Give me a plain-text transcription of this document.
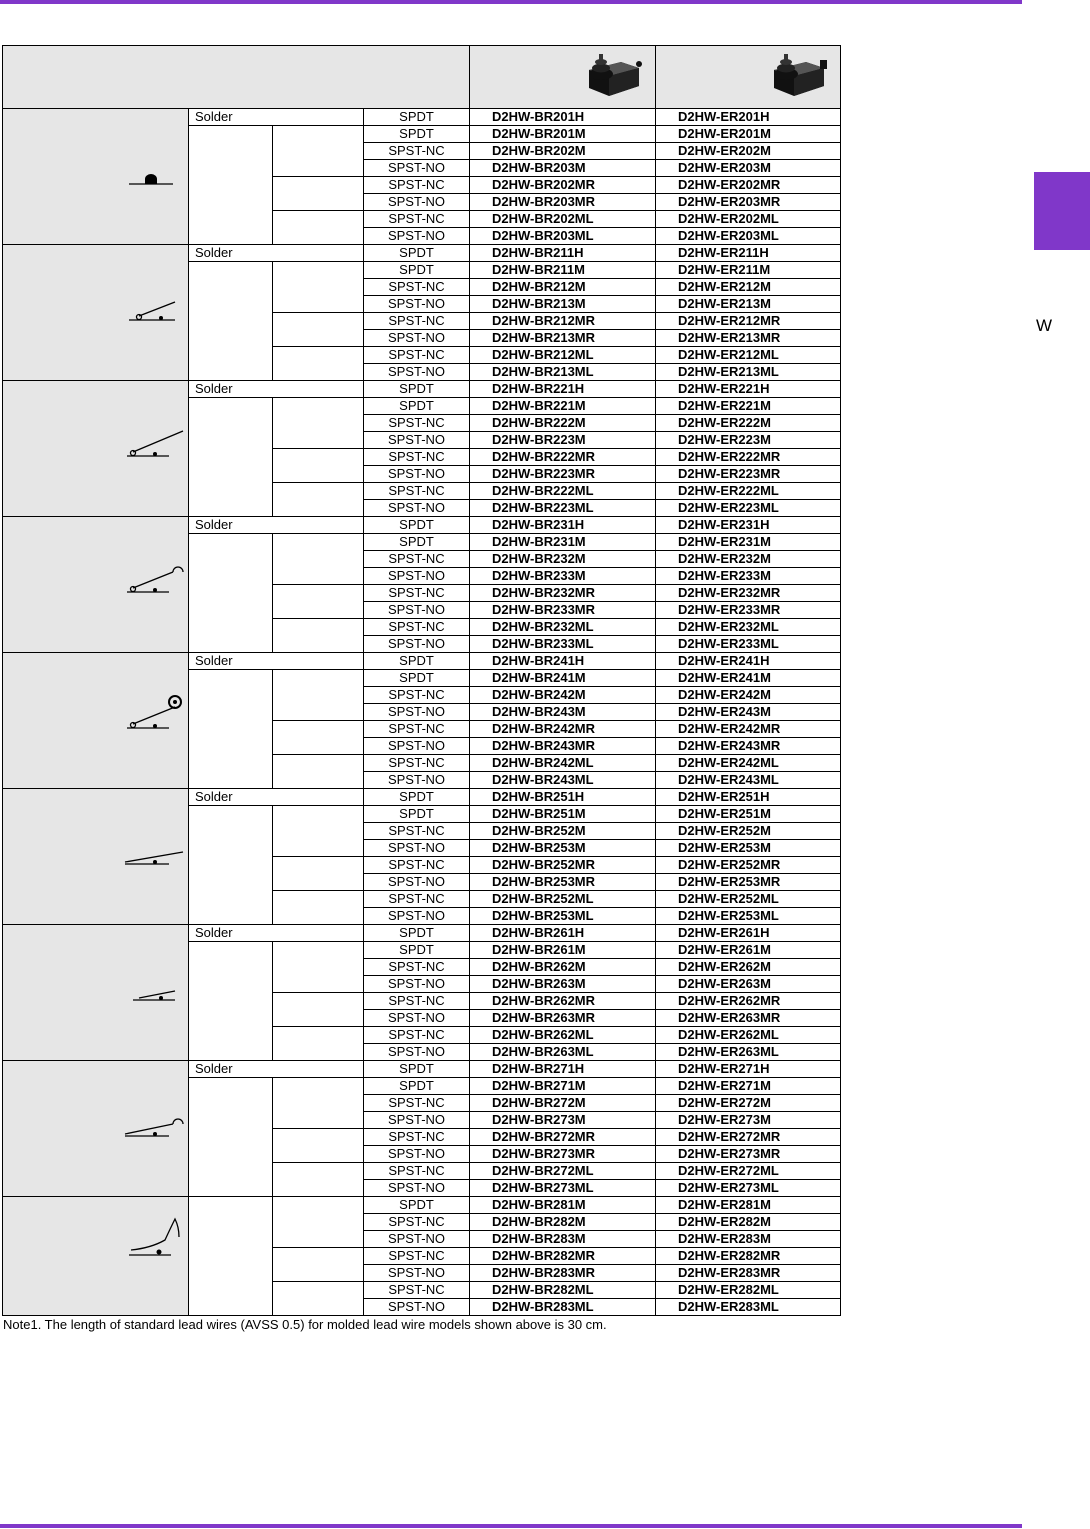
W

	Solder		SPDT	D2HW-BR201H	D2HW-ER201H
			SPDT	D2HW-BR201M	D2HW-ER201M
			SPST-NC	D2HW-BR202M	D2HW-ER202M
			SPST-NO	D2HW-BR203M	D2HW-ER203M
			SPST-NC	D2HW-BR202MR	D2HW-ER202MR
			SPST-NO	D2HW-BR203MR	D2HW-ER203MR
			SPST-NC	D2HW-BR202ML	D2HW-ER202ML
			SPST-NO	D2HW-BR203ML	D2HW-ER203ML

	Solder		SPDT	D2HW-BR211H	D2HW-ER211H
			SPDT	D2HW-BR211M	D2HW-ER211M
			SPST-NC	D2HW-BR212M	D2HW-ER212M
			SPST-NO	D2HW-BR213M	D2HW-ER213M
			SPST-NC	D2HW-BR212MR	D2HW-ER212MR
			SPST-NO	D2HW-BR213MR	D2HW-ER213MR
			SPST-NC	D2HW-BR212ML	D2HW-ER212ML
			SPST-NO	D2HW-BR213ML	D2HW-ER213ML

	Solder		SPDT	D2HW-BR221H	D2HW-ER221H
			SPDT	D2HW-BR221M	D2HW-ER221M
			SPST-NC	D2HW-BR222M	D2HW-ER222M
			SPST-NO	D2HW-BR223M	D2HW-ER223M
			SPST-NC	D2HW-BR222MR	D2HW-ER222MR
			SPST-NO	D2HW-BR223MR	D2HW-ER223MR
			SPST-NC	D2HW-BR222ML	D2HW-ER222ML
			SPST-NO	D2HW-BR223ML	D2HW-ER223ML

	Solder		SPDT	D2HW-BR231H	D2HW-ER231H
			SPDT	D2HW-BR231M	D2HW-ER231M
			SPST-NC	D2HW-BR232M	D2HW-ER232M
			SPST-NO	D2HW-BR233M	D2HW-ER233M
			SPST-NC	D2HW-BR232MR	D2HW-ER232MR
			SPST-NO	D2HW-BR233MR	D2HW-ER233MR
			SPST-NC	D2HW-BR232ML	D2HW-ER232ML
			SPST-NO	D2HW-BR233ML	D2HW-ER233ML

	Solder		SPDT	D2HW-BR241H	D2HW-ER241H
			SPDT	D2HW-BR241M	D2HW-ER241M
			SPST-NC	D2HW-BR242M	D2HW-ER242M
			SPST-NO	D2HW-BR243M	D2HW-ER243M
			SPST-NC	D2HW-BR242MR	D2HW-ER242MR
			SPST-NO	D2HW-BR243MR	D2HW-ER243MR
			SPST-NC	D2HW-BR242ML	D2HW-ER242ML
			SPST-NO	D2HW-BR243ML	D2HW-ER243ML

	Solder		SPDT	D2HW-BR251H	D2HW-ER251H
			SPDT	D2HW-BR251M	D2HW-ER251M
			SPST-NC	D2HW-BR252M	D2HW-ER252M
			SPST-NO	D2HW-BR253M	D2HW-ER253M
			SPST-NC	D2HW-BR252MR	D2HW-ER252MR
			SPST-NO	D2HW-BR253MR	D2HW-ER253MR
			SPST-NC	D2HW-BR252ML	D2HW-ER252ML
			SPST-NO	D2HW-BR253ML	D2HW-ER253ML

	Solder		SPDT	D2HW-BR261H	D2HW-ER261H
			SPDT	D2HW-BR261M	D2HW-ER261M
			SPST-NC	D2HW-BR262M	D2HW-ER262M
			SPST-NO	D2HW-BR263M	D2HW-ER263M
			SPST-NC	D2HW-BR262MR	D2HW-ER262MR
			SPST-NO	D2HW-BR263MR	D2HW-ER263MR
			SPST-NC	D2HW-BR262ML	D2HW-ER262ML
			SPST-NO	D2HW-BR263ML	D2HW-ER263ML

	Solder		SPDT	D2HW-BR271H	D2HW-ER271H
			SPDT	D2HW-BR271M	D2HW-ER271M
			SPST-NC	D2HW-BR272M	D2HW-ER272M
			SPST-NO	D2HW-BR273M	D2HW-ER273M
			SPST-NC	D2HW-BR272MR	D2HW-ER272MR
			SPST-NO	D2HW-BR273MR	D2HW-ER273MR
			SPST-NC	D2HW-BR272ML	D2HW-ER272ML
			SPST-NO	D2HW-BR273ML	D2HW-ER273ML

			SPDT	D2HW-BR281M	D2HW-ER281M
			SPST-NC	D2HW-BR282M	D2HW-ER282M
			SPST-NO	D2HW-BR283M	D2HW-ER283M
			SPST-NC	D2HW-BR282MR	D2HW-ER282MR
			SPST-NO	D2HW-BR283MR	D2HW-ER283MR
			SPST-NC	D2HW-BR282ML	D2HW-ER282ML
			SPST-NO	D2HW-BR283ML	D2HW-ER283ML
Note1. The length of standard lead wires (AVSS 0.5) for molded lead wire models shown above is 30 cm.
